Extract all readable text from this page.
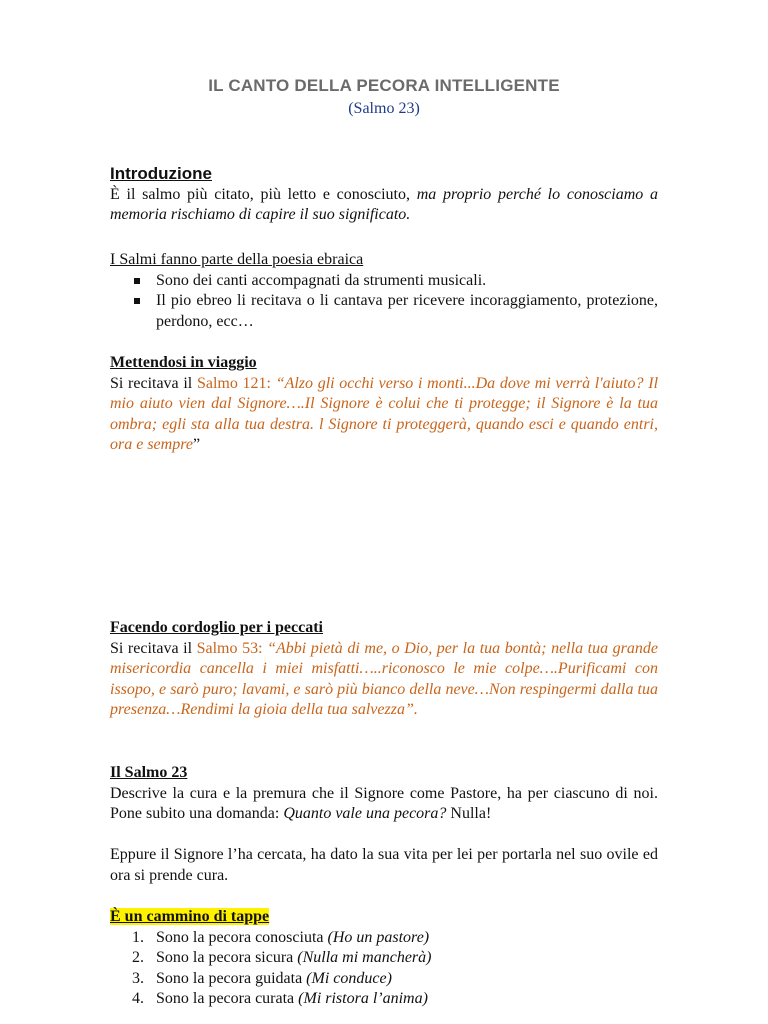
IL CANTO DELLA PECORA INTELLIGENTE
(Salmo 23)
Introduzione
È il salmo più citato, più letto e conosciuto, ma proprio perché lo conosciamo a memoria rischiamo di capire il suo significato.
I Salmi fanno parte della poesia ebraica
Sono dei canti accompagnati da strumenti musicali.
Il pio ebreo li recitava o li cantava per ricevere incoraggiamento, protezione, perdono, ecc…
Mettendosi in viaggio
Si recitava il Salmo 121: “Alzo gli occhi verso i monti...Da dove mi verrà l'aiuto? Il mio aiuto vien dal Signore….Il Signore è colui che ti protegge; il Signore è la tua ombra; egli sta alla tua destra. l Signore ti proteggerà, quando esci e quando entri, ora e sempre”
Facendo cordoglio per i peccati
Si recitava il Salmo 53: “Abbi pietà di me, o Dio, per la tua bontà; nella tua grande misericordia cancella i miei misfatti…..riconosco le mie colpe….Purificami con issopo, e sarò puro; lavami, e sarò più bianco della neve…Non respingermi dalla tua presenza…Rendimi la gioia della tua salvezza”.
Il Salmo 23
Descrive la cura e la premura che il Signore come Pastore, ha per ciascuno di noi. Pone subito una domanda: Quanto vale una pecora? Nulla!
Eppure il Signore l’ha cercata, ha dato la sua vita per lei per portarla nel suo ovile ed ora si prende cura.
È un cammino di tappe
1. Sono la pecora conosciuta (Ho un pastore)
2. Sono la pecora sicura (Nulla mi mancherà)
3. Sono la pecora guidata (Mi conduce)
4. Sono la pecora curata (Mi ristora l’anima)
